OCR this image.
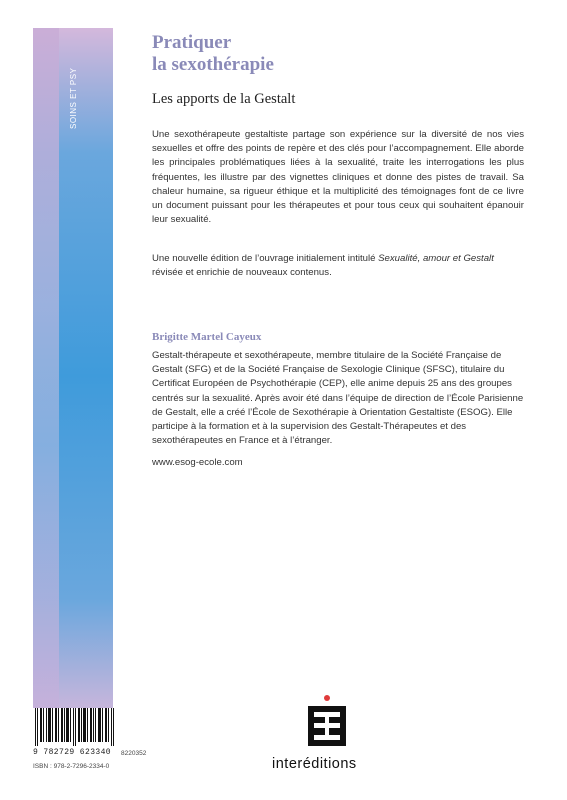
SOINS ET PSY
Pratiquer
la sexothérapie
Les apports de la Gestalt

Une sexothérapeute gestaltiste partage son expérience sur la diversité de nos vies sexuelles et offre des points de repère et des clés pour l’accompagnement. Elle aborde les principales problématiques liées à la sexualité, traite les interrogations les plus fréquentes, les illustre par des vignettes cliniques et donne des pistes de travail. Sa chaleur humaine, sa rigueur éthique et la multiplicité des témoignages font de ce livre un document puissant pour les thérapeutes et pour tous ceux qui souhaitent épanouir leur sexualité.

Une nouvelle édition de l’ouvrage initialement intitulé Sexualité, amour et Gestalt révisée et enrichie de nouveaux contenus.

Brigitte Martel Cayeux

Gestalt-thérapeute et sexothérapeute, membre titulaire de la Société Française de Gestalt (SFG) et de la Société Française de Sexologie Clinique (SFSC), titulaire du Certificat Européen de Psychothérapie (CEP), elle anime depuis 25 ans des groupes centrés sur la sexualité. Après avoir été dans l’équipe de direction de l’École Parisienne de Gestalt, elle a créé l’École de Sexothérapie à Orientation Gestaltiste (ESOG). Elle participe à la formation et à la supervision des Gestalt-Thérapeutes et des sexothérapeutes en France et à l’étranger.

www.esog-ecole.com

9 782729 623340 8220352
ISBN : 978-2-7296-2334-0	interéditions
